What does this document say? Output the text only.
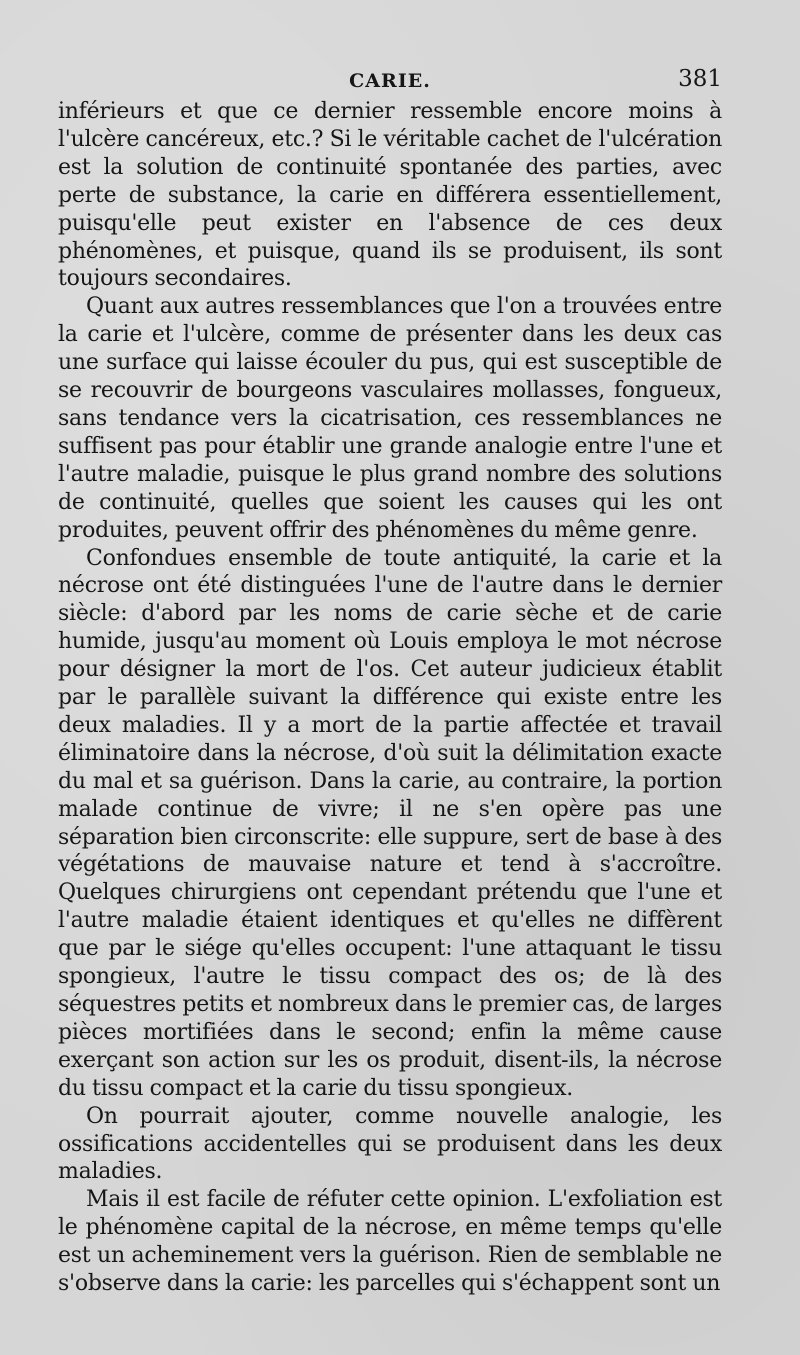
CARIE.	381

inférieurs et que ce dernier ressemble encore moins à l'ulcère cancéreux, etc.? Si le véritable cachet de l'ulcération est la solution de continuité spontanée des parties, avec perte de substance, la carie en différera essentiellement, puisqu'elle peut exister en l'absence de ces deux phénomènes, et puisque, quand ils se produisent, ils sont toujours secondaires.

Quant aux autres ressemblances que l'on a trouvées entre la carie et l'ulcère, comme de présenter dans les deux cas une surface qui laisse écouler du pus, qui est susceptible de se recouvrir de bourgeons vasculaires mollasses, fongueux, sans tendance vers la cicatrisation, ces ressemblances ne suffisent pas pour établir une grande analogie entre l'une et l'autre maladie, puisque le plus grand nombre des solutions de continuité, quelles que soient les causes qui les ont produites, peuvent offrir des phénomènes du même genre.

Confondues ensemble de toute antiquité, la carie et la nécrose ont été distinguées l'une de l'autre dans le dernier siècle: d'abord par les noms de carie sèche et de carie humide, jusqu'au moment où Louis employa le mot nécrose pour désigner la mort de l'os. Cet auteur judicieux établit par le parallèle suivant la différence qui existe entre les deux maladies. Il y a mort de la partie affectée et travail éliminatoire dans la nécrose, d'où suit la délimitation exacte du mal et sa guérison. Dans la carie, au contraire, la portion malade continue de vivre; il ne s'en opère pas une séparation bien circonscrite: elle suppure, sert de base à des végétations de mauvaise nature et tend à s'accroître. Quelques chirurgiens ont cependant prétendu que l'une et l'autre maladie étaient identiques et qu'elles ne diffèrent que par le siége qu'elles occupent: l'une attaquant le tissu spongieux, l'autre le tissu compact des os; de là des séquestres petits et nombreux dans le premier cas, de larges pièces mortifiées dans le second; enfin la même cause exerçant son action sur les os produit, disent-ils, la nécrose du tissu compact et la carie du tissu spongieux.

On pourrait ajouter, comme nouvelle analogie, les ossifications accidentelles qui se produisent dans les deux maladies.

Mais il est facile de réfuter cette opinion. L'exfoliation est le phénomène capital de la nécrose, en même temps qu'elle est un acheminement vers la guérison. Rien de semblable ne s'observe dans la carie: les parcelles qui s'échappent sont un
